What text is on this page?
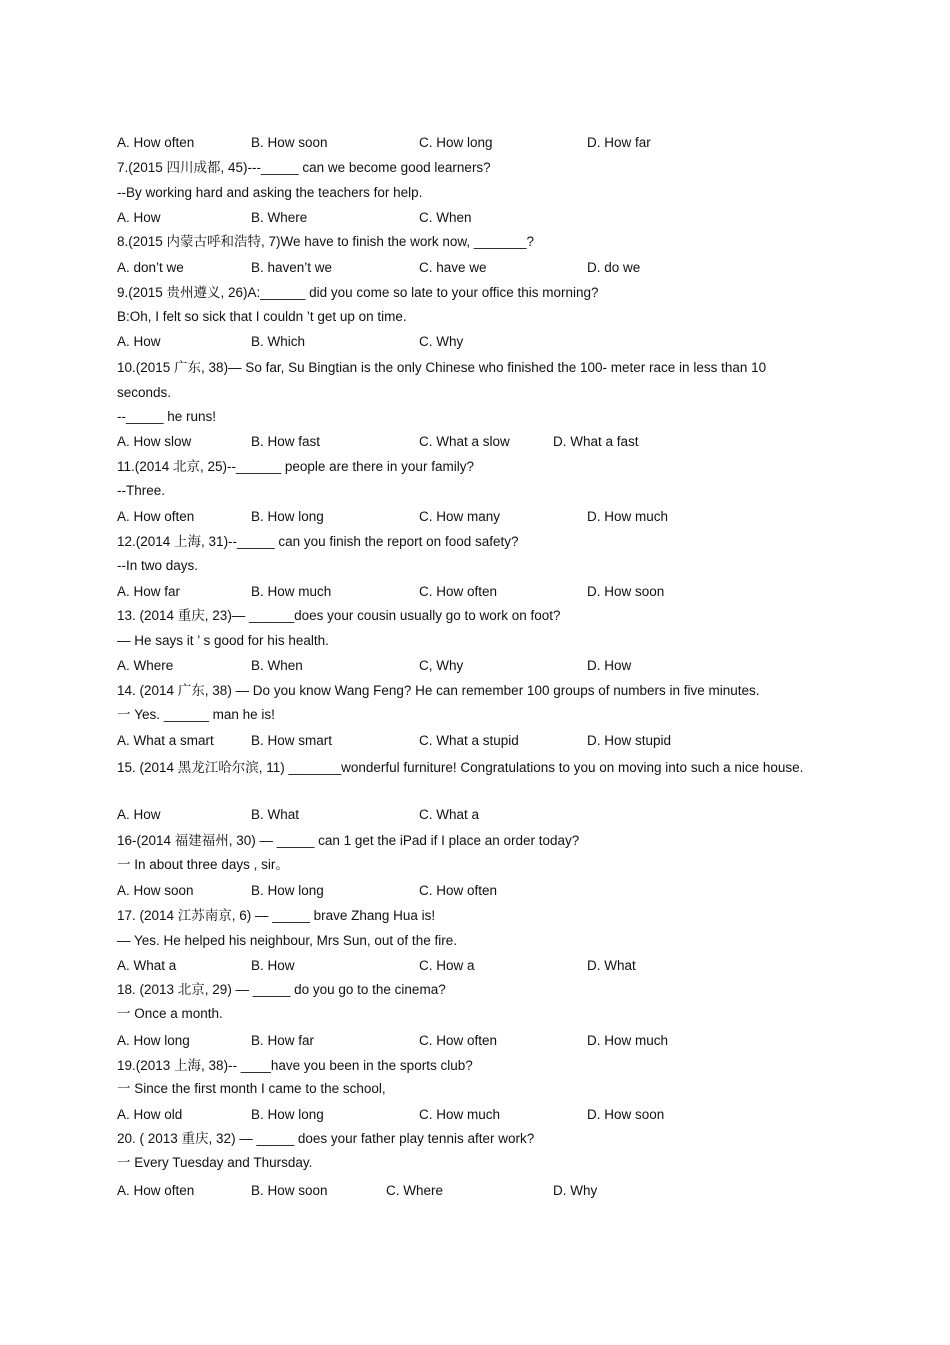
A. How often	B. How soon	C. How long	D. How far
7.(2015 四川成都, 45)---_____ can we become good learners?
--By working hard and asking the teachers for help.
A. How	B. Where	C. When
8.(2015 内蒙古呼和浩特, 7)We have to finish the work now, _______?
A. don’t we	B. haven’t we	C. have we	D. do we
9.(2015 贵州遵义, 26)A:______ did you come so late to your office this morning?
B:Oh, I felt so sick that I couldn ’t get up on time.
A. How	B. Which	C. Why
10.(2015 广东, 38)— So far, Su Bingtian is the only Chinese who finished the 100- meter race in less than 10 seconds.
--_____ he runs!
A. How slow	B. How fast	C. What a slow	D. What a fast
11.(2014 北京, 25)--______ people are there in your family?
--Three.
A. How often	B. How long	C. How many	D. How much
12.(2014 上海, 31)--_____ can you finish the report on food safety?
--In two days.
A. How far	B. How much	C. How often	D. How soon
13. (2014 重庆, 23)— ______does your cousin usually go to work on foot?
— He says it ’ s good for his health.
A. Where	B. When	C, Why	D. How
14. (2014 广东, 38) — Do you know Wang Feng? He can remember 100 groups of numbers in five minutes.
一 Yes. ______ man he is!
A. What a smart	B. How smart	C. What a stupid	D. How stupid
15. (2014 黑龙江哈尔滨, 11) _______wonderful furniture! Congratulations to you on moving into such a nice house.
A. How	B. What	C. What a
16-(2014 福建福州, 30) — _____ can 1 get the iPad if I place an order today?
一 In about three days , sir。
A. How soon	B. How long	C. How often
17. (2014 江苏南京, 6) — _____ brave Zhang Hua is!
— Yes. He helped his neighbour, Mrs Sun, out of the fire.
A. What a	B. How	C. How a	D. What
18. (2013 北京, 29) — _____ do you go to the cinema?
一 Once a month.
A. How long	B. How far	C. How often	D. How much
19.(2013 上海, 38)-- ____have you been in the sports club?
一 Since the first month I came to the school,
A. How old	B. How long	C. How much	D. How soon
20. ( 2013 重庆, 32) — _____ does your father play tennis after work?
一 Every Tuesday and Thursday.
A. How often	B. How soon	C. Where	D. Why
